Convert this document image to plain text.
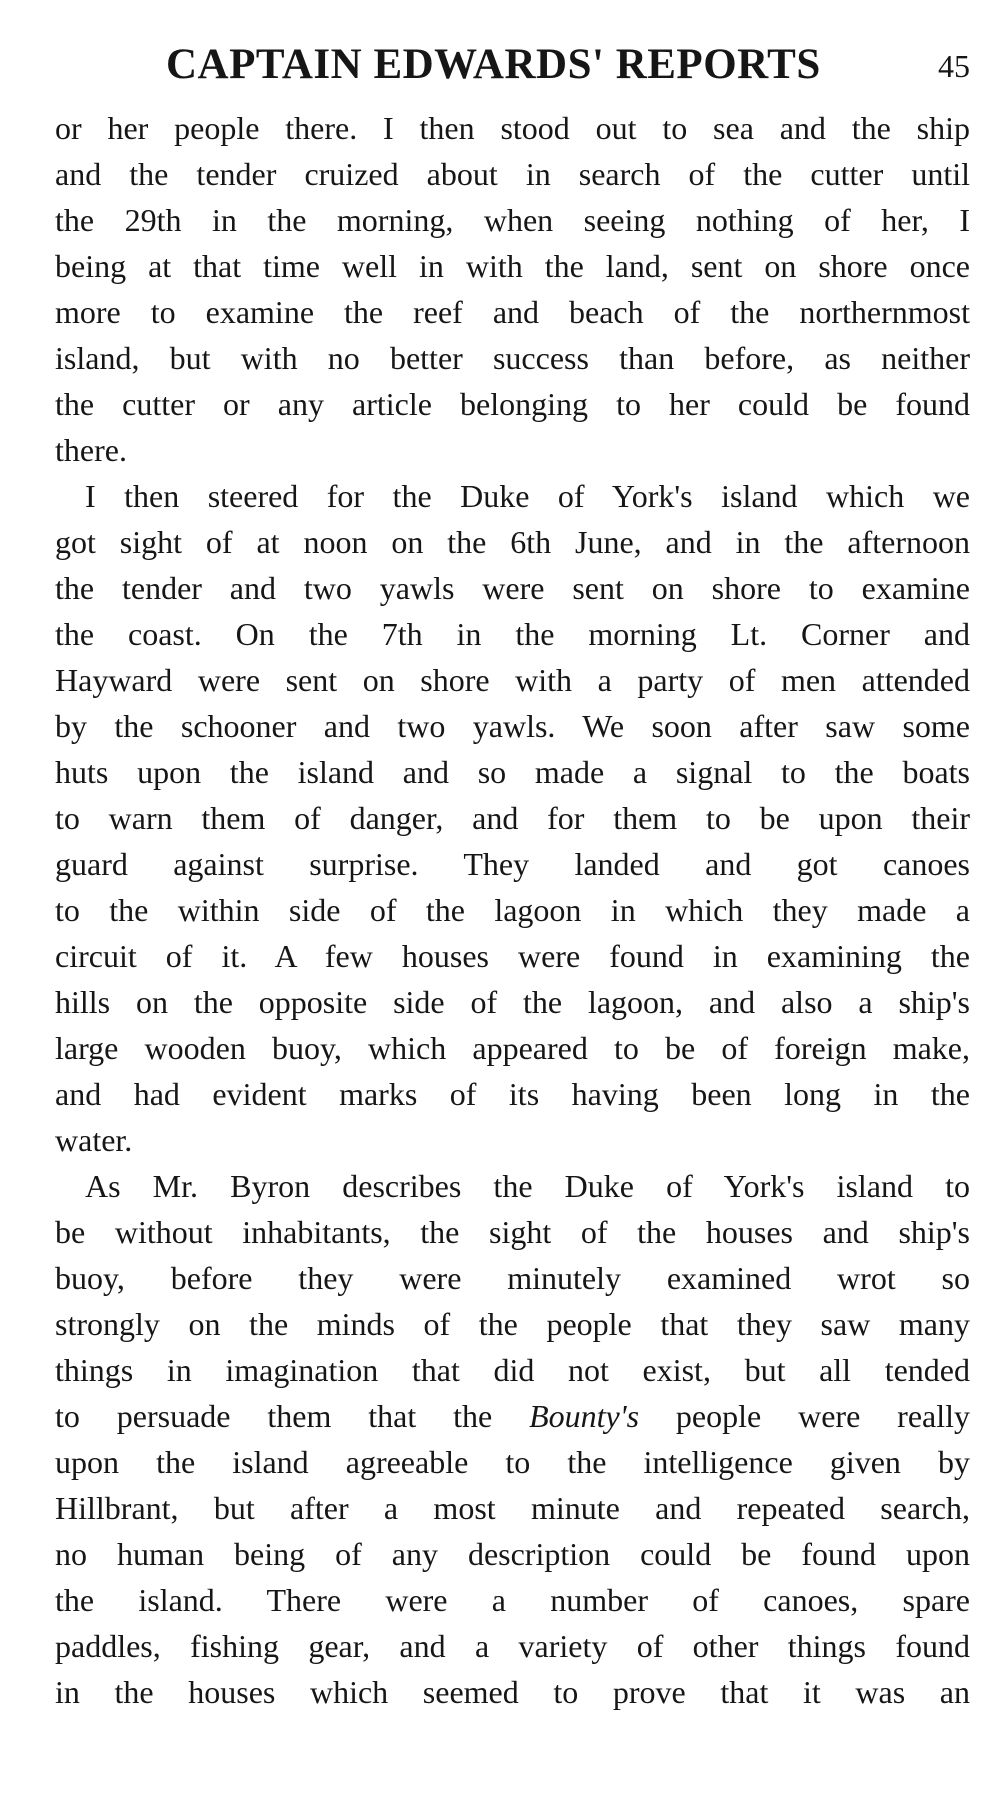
CAPTAIN EDWARDS' REPORTS	45
or her people there. I then stood out to sea and the ship
and the tender cruized about in search of the cutter until
the 29th in the morning, when seeing nothing of her, I
being at that time well in with the land, sent on shore once
more to examine the reef and beach of the northernmost
island, but with no better success than before, as neither
the cutter or any article belonging to her could be found
there.
I then steered for the Duke of York's island which we
got sight of at noon on the 6th June, and in the afternoon
the tender and two yawls were sent on shore to examine
the coast. On the 7th in the morning Lt. Corner and
Hayward were sent on shore with a party of men attended
by the schooner and two yawls. We soon after saw some
huts upon the island and so made a signal to the boats
to warn them of danger, and for them to be upon their
guard against surprise. They landed and got canoes
to the within side of the lagoon in which they made a
circuit of it. A few houses were found in examining the
hills on the opposite side of the lagoon, and also a ship's
large wooden buoy, which appeared to be of foreign make,
and had evident marks of its having been long in the
water.
As Mr. Byron describes the Duke of York's island to
be without inhabitants, the sight of the houses and ship's
buoy, before they were minutely examined wrot so
strongly on the minds of the people that they saw many
things in imagination that did not exist, but all tended
to persuade them that the Bounty's people were really
upon the island agreeable to the intelligence given by
Hillbrant, but after a most minute and repeated search,
no human being of any description could be found upon
the island. There were a number of canoes, spare
paddles, fishing gear, and a variety of other things found
in the houses which seemed to prove that it was an
